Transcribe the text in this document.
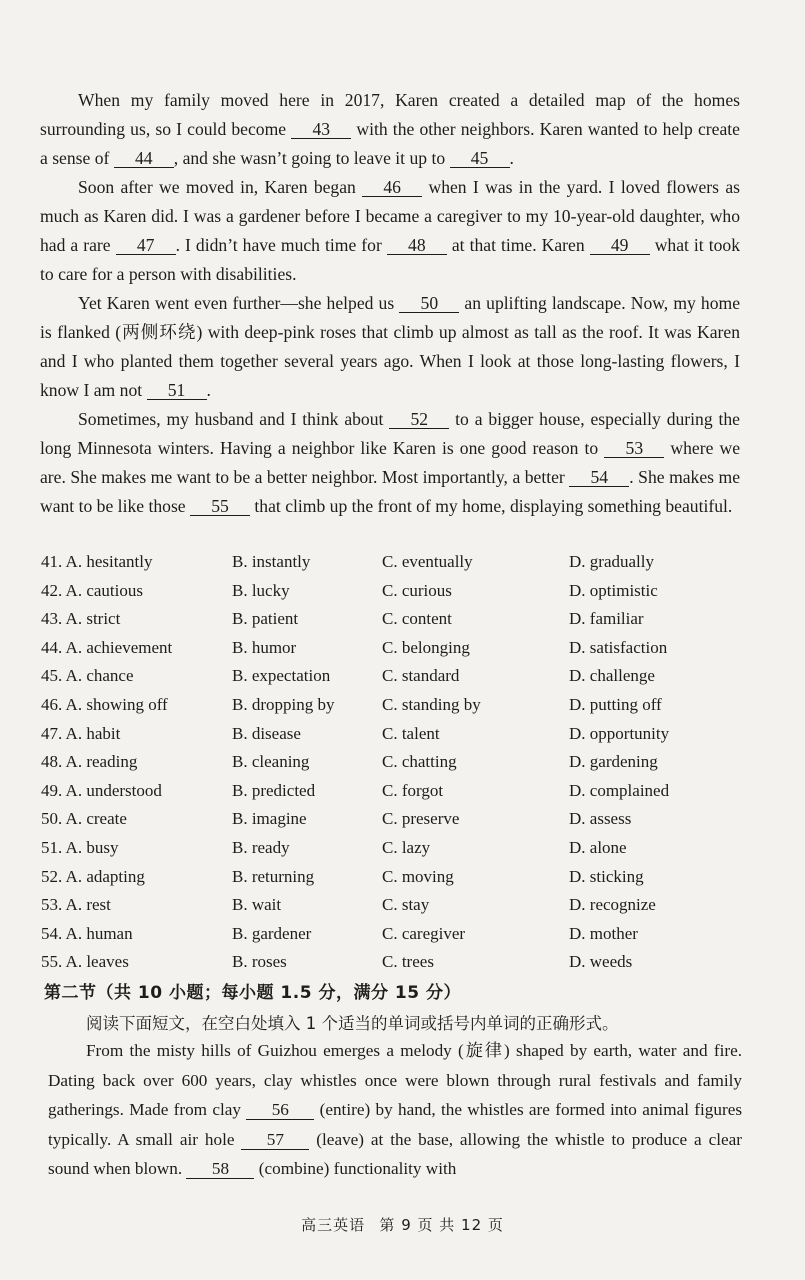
When my family moved here in 2017, Karen created a detailed map of the homes surrounding us, so I could become 43 with the other neighbors. Karen wanted to help create a sense of 44 , and she wasn’t going to leave it up to 45 .

Soon after we moved in, Karen began 46 when I was in the yard. I loved flowers as much as Karen did. I was a gardener before I became a caregiver to my 10-year-old daughter, who had a rare 47 . I didn’t have much time for 48 at that time. Karen 49 what it took to care for a person with disabilities.

Yet Karen went even further—she helped us 50 an uplifting landscape. Now, my home is flanked (两侧环绕) with deep-pink roses that climb up almost as tall as the roof. It was Karen and I who planted them together several years ago. When I look at those long-lasting flowers, I know I am not 51 .

Sometimes, my husband and I think about 52 to a bigger house, especially during the long Minnesota winters. Having a neighbor like Karen is one good reason to 53 where we are. She makes me want to be a better neighbor. Most importantly, a better 54 . She makes me want to be like those 55 that climb up the front of my home, displaying something beautiful.

41. A. hesitantly	B. instantly	C. eventually	D. gradually
42. A. cautious	B. lucky	C. curious	D. optimistic
43. A. strict	B. patient	C. content	D. familiar
44. A. achievement	B. humor	C. belonging	D. satisfaction
45. A. chance	B. expectation	C. standard	D. challenge
46. A. showing off	B. dropping by	C. standing by	D. putting off
47. A. habit	B. disease	C. talent	D. opportunity
48. A. reading	B. cleaning	C. chatting	D. gardening
49. A. understood	B. predicted	C. forgot	D. complained
50. A. create	B. imagine	C. preserve	D. assess
51. A. busy	B. ready	C. lazy	D. alone
52. A. adapting	B. returning	C. moving	D. sticking
53. A. rest	B. wait	C. stay	D. recognize
54. A. human	B. gardener	C. caregiver	D. mother
55. A. leaves	B. roses	C. trees	D. weeds
第二节（共 10 小题；每小题 1.5 分，满分 15 分）
阅读下面短文，在空白处填入 1 个适当的单词或括号内单词的正确形式。

From the misty hills of Guizhou emerges a melody (旋律) shaped by earth, water and fire. Dating back over 600 years, clay whistles once were blown through rural festivals and family gatherings. Made from clay 56 (entire) by hand, the whistles are formed into animal figures typically. A small air hole 57 (leave) at the base, allowing the whistle to produce a clear sound when blown. 58 (combine) functionality with

高三英语 第 9 页 共 12 页
